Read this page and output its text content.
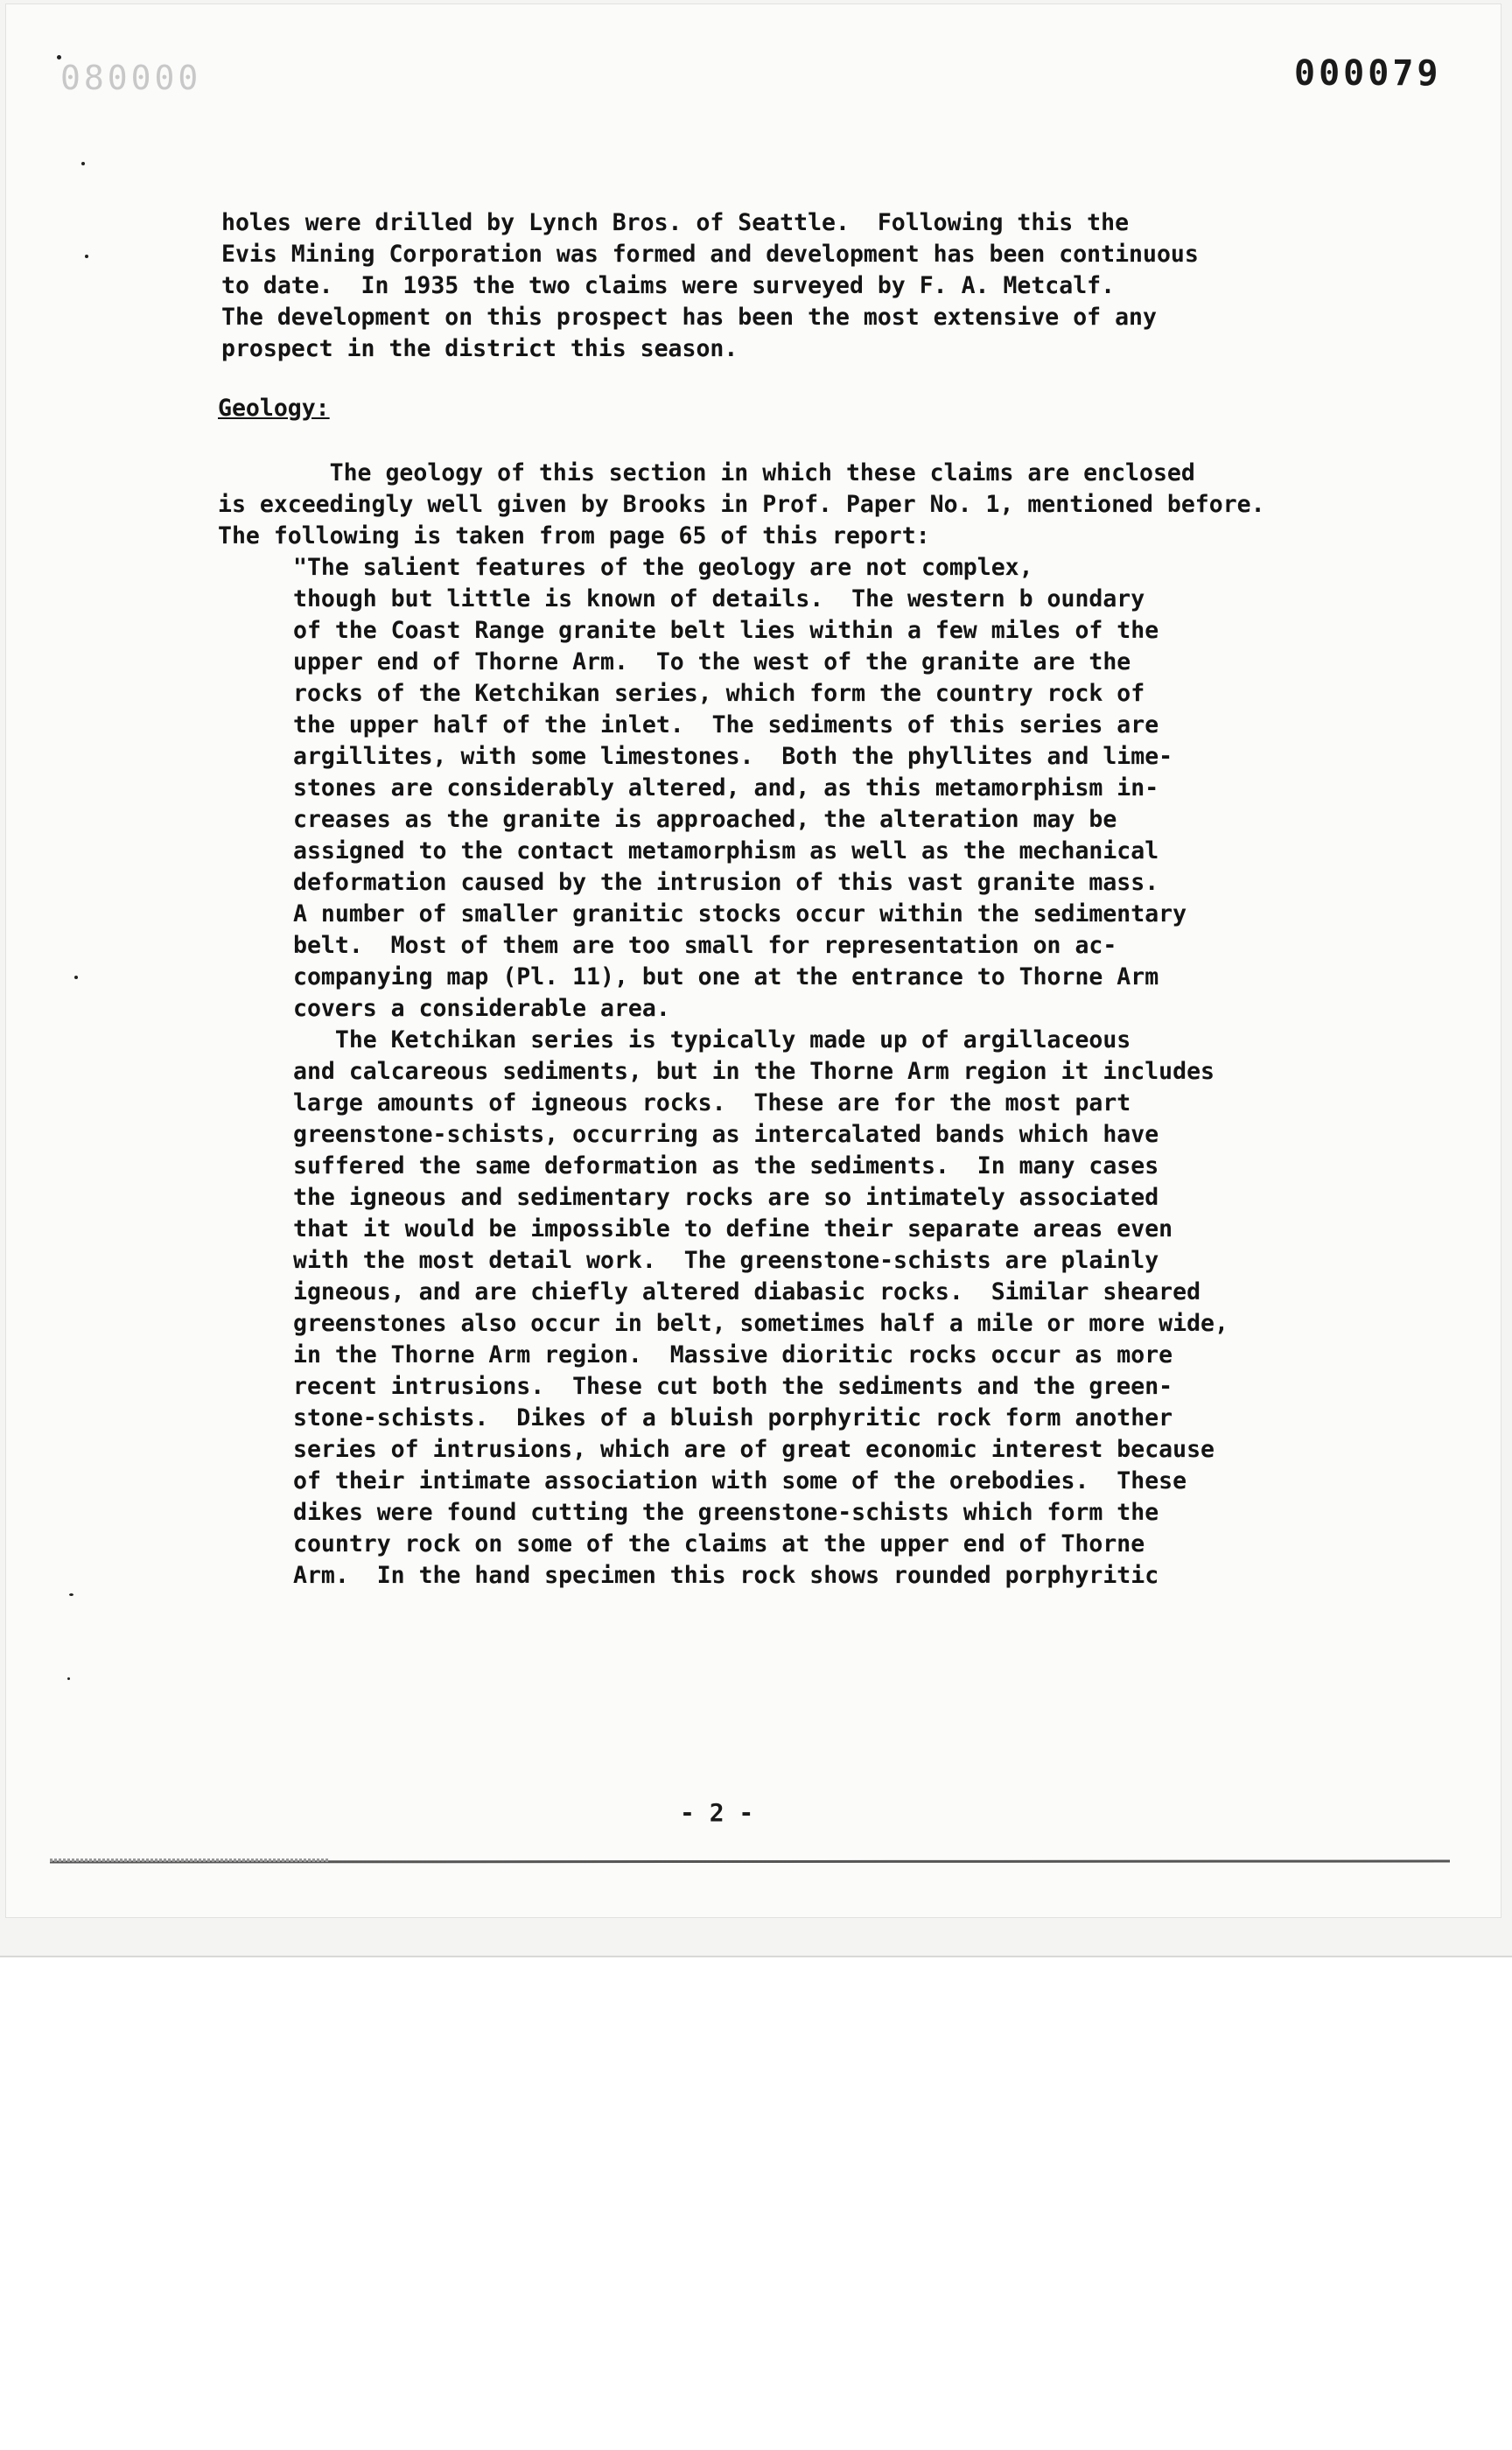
080000	000079
holes were drilled by Lynch Bros. of Seattle.  Following this the
Evis Mining Corporation was formed and development has been continuous
to date.  In 1935 the two claims were surveyed by F. A. Metcalf.
The development on this prospect has been the most extensive of any
prospect in the district this season.
Geology:
The geology of this section in which these claims are enclosed
is exceedingly well given by Brooks in Prof. Paper No. 1, mentioned before.
The following is taken from page 65 of this report:
"The salient features of the geology are not complex,
though but little is known of details.  The western b oundary
of the Coast Range granite belt lies within a few miles of the
upper end of Thorne Arm.  To the west of the granite are the
rocks of the Ketchikan series, which form the country rock of
the upper half of the inlet.  The sediments of this series are
argillites, with some limestones.  Both the phyllites and lime-
stones are considerably altered, and, as this metamorphism in-
creases as the granite is approached, the alteration may be
assigned to the contact metamorphism as well as the mechanical
deformation caused by the intrusion of this vast granite mass.
A number of smaller granitic stocks occur within the sedimentary
belt.  Most of them are too small for representation on ac-
companying map (Pl. 11), but one at the entrance to Thorne Arm
covers a considerable area.
The Ketchikan series is typically made up of argillaceous
and calcareous sediments, but in the Thorne Arm region it includes
large amounts of igneous rocks.  These are for the most part
greenstone-schists, occurring as intercalated bands which have
suffered the same deformation as the sediments.  In many cases
the igneous and sedimentary rocks are so intimately associated
that it would be impossible to define their separate areas even
with the most detail work.  The greenstone-schists are plainly
igneous, and are chiefly altered diabasic rocks.  Similar sheared
greenstones also occur in belt, sometimes half a mile or more wide,
in the Thorne Arm region.  Massive dioritic rocks occur as more
recent intrusions.  These cut both the sediments and the green-
stone-schists.  Dikes of a bluish porphyritic rock form another
series of intrusions, which are of great economic interest because
of their intimate association with some of the orebodies.  These
dikes were found cutting the greenstone-schists which form the
country rock on some of the claims at the upper end of Thorne
Arm.  In the hand specimen this rock shows rounded porphyritic
- 2 -
